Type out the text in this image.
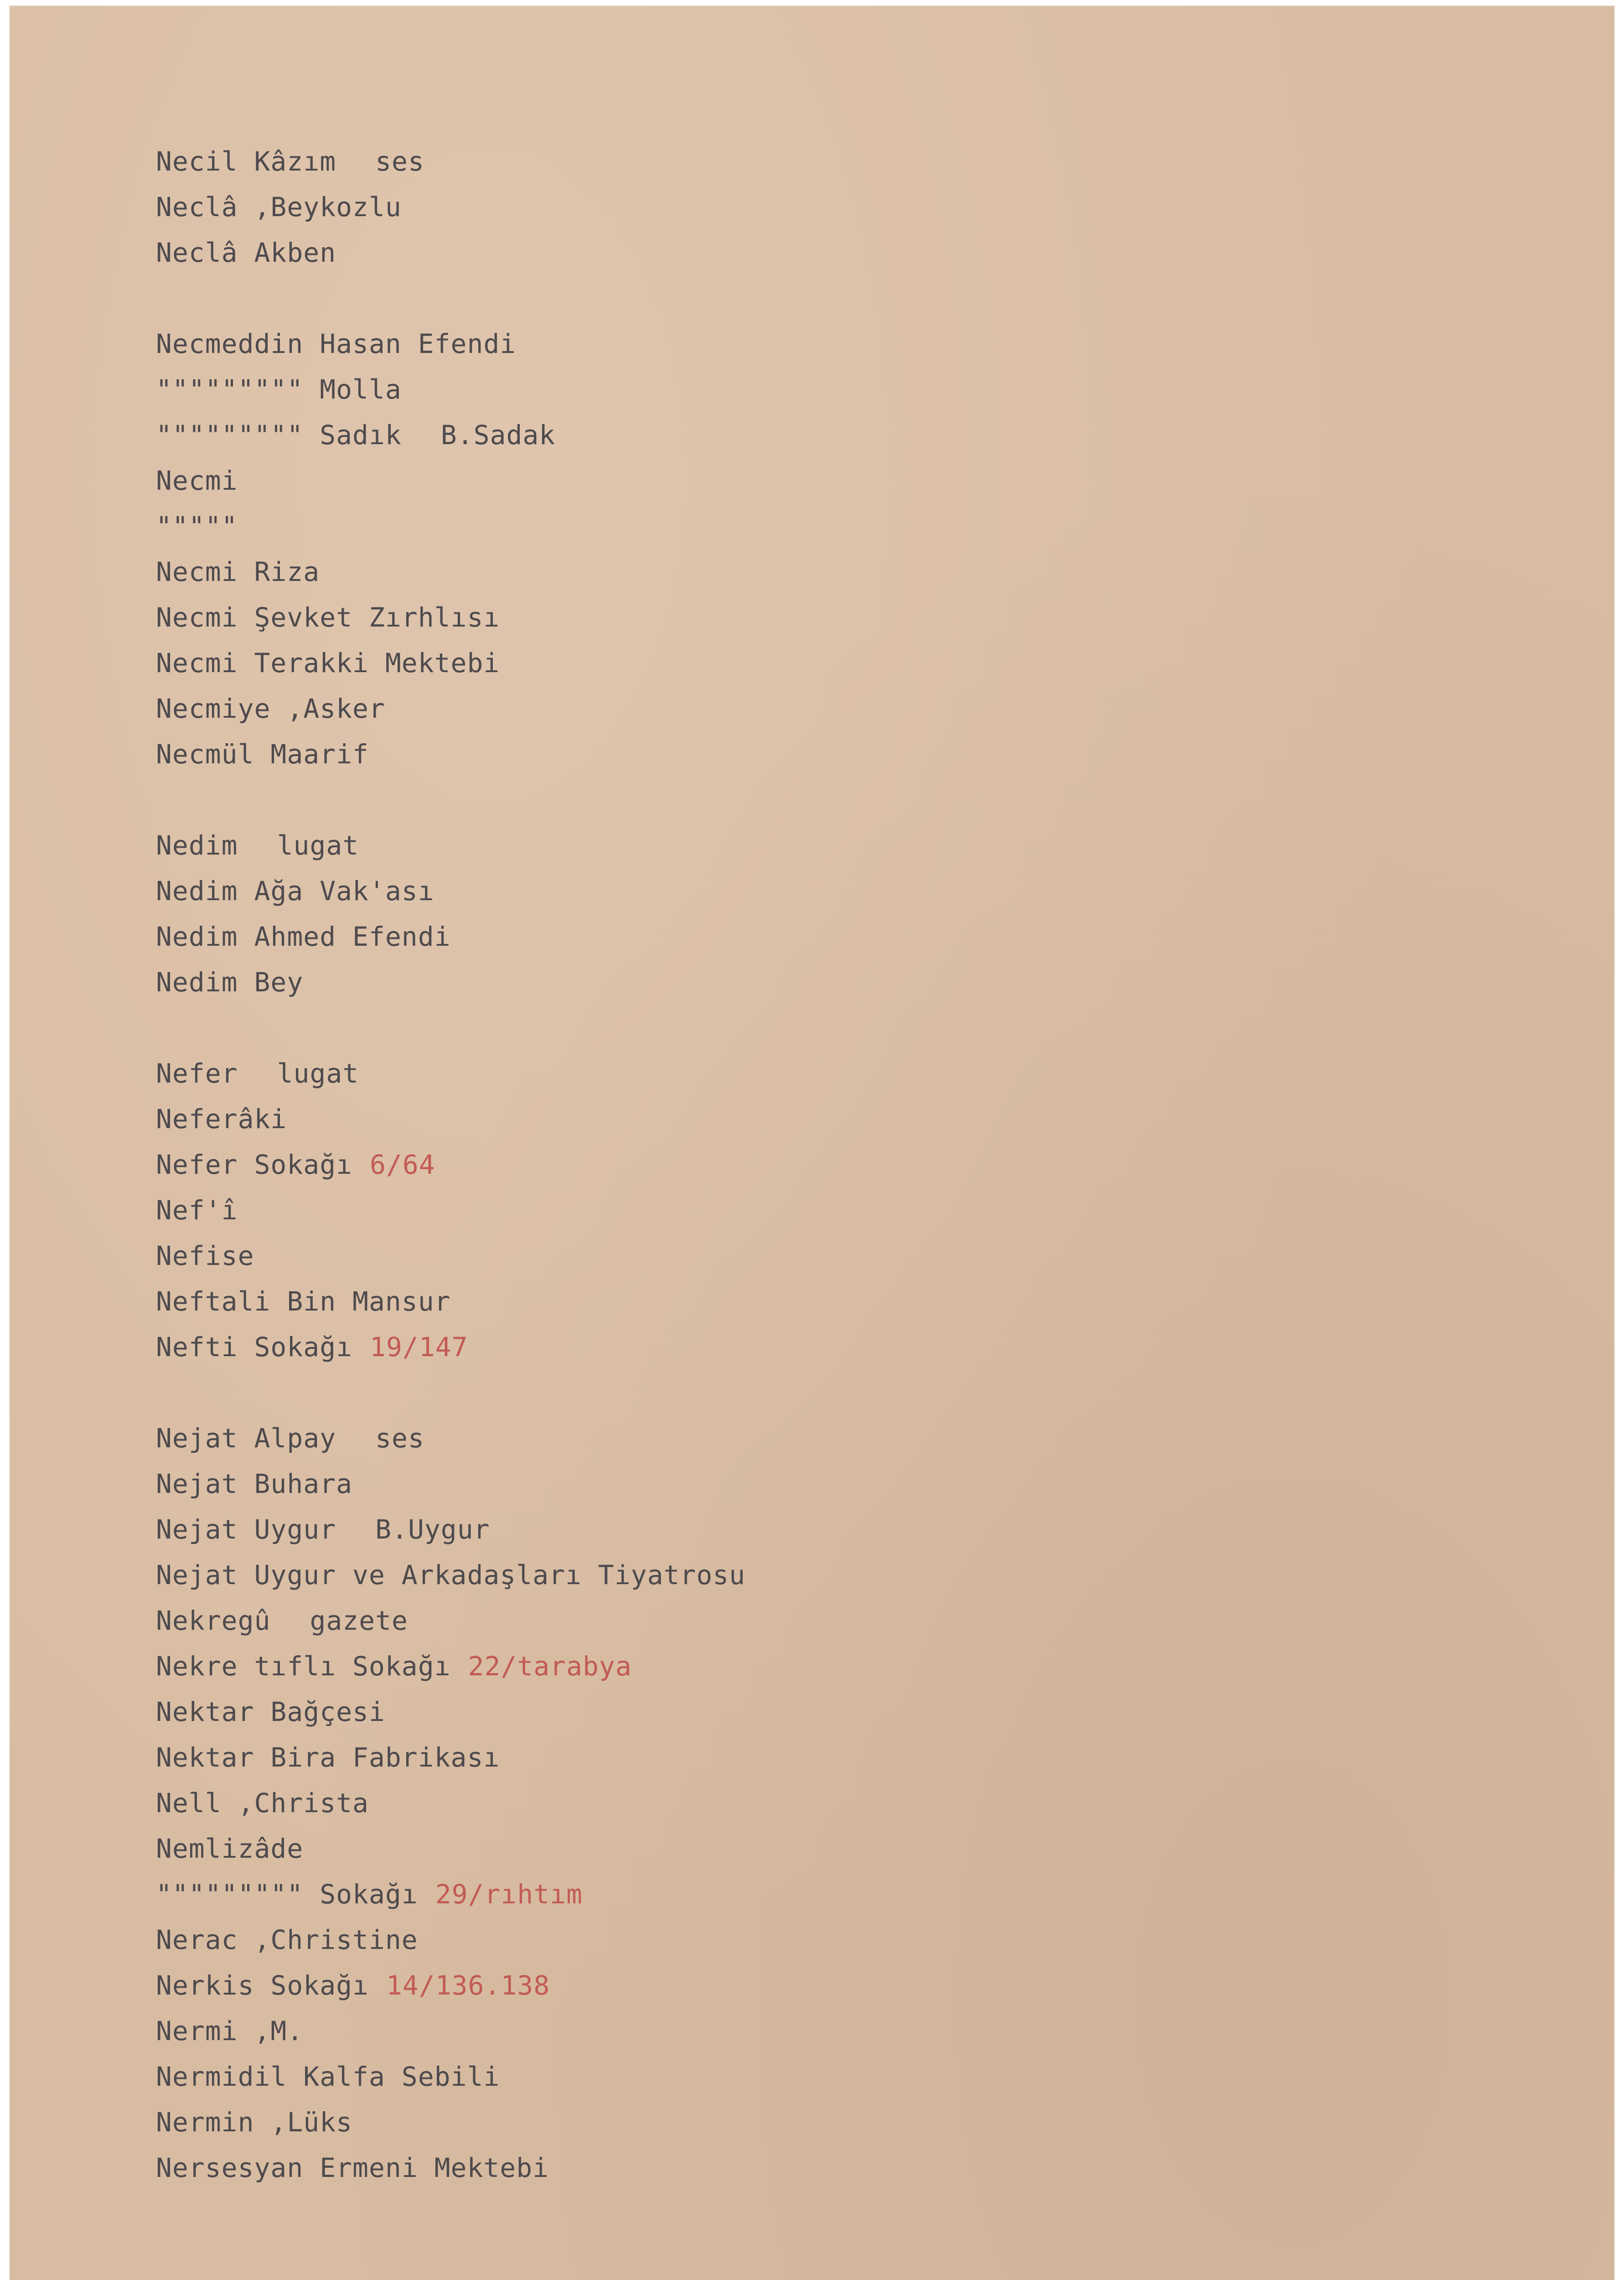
Necil Kâzım ses
Neclâ ,Beykozlu
Neclâ Akben
Necmeddin Hasan Efendi
""""""""" Molla
""""""""" Sadık B.Sadak
Necmi
"""""
Necmi Riza
Necmi Şevket Zırhlısı
Necmi Terakki Mektebi
Necmiye ,Asker
Necmül Maarif
Nedim lugat
Nedim Ağa Vak'ası
Nedim Ahmed Efendi
Nedim Bey
Nefer lugat
Neferâki
Nefer Sokağı 6/64
Nef'î
Nefise
Neftali Bin Mansur
Nefti Sokağı 19/147
Nejat Alpay ses
Nejat Buhara
Nejat Uygur B.Uygur
Nejat Uygur ve Arkadaşları Tiyatrosu
Nekregû gazete
Nekre tıflı Sokağı 22/tarabya
Nektar Bağçesi
Nektar Bira Fabrikası
Nell ,Christa
Nemlizâde
""""""""" Sokağı 29/rıhtım
Nerac ,Christine
Nerkis Sokağı 14/136.138
Nermi ,M.
Nermidil Kalfa Sebili
Nermin ,Lüks
Nersesyan Ermeni Mektebi
